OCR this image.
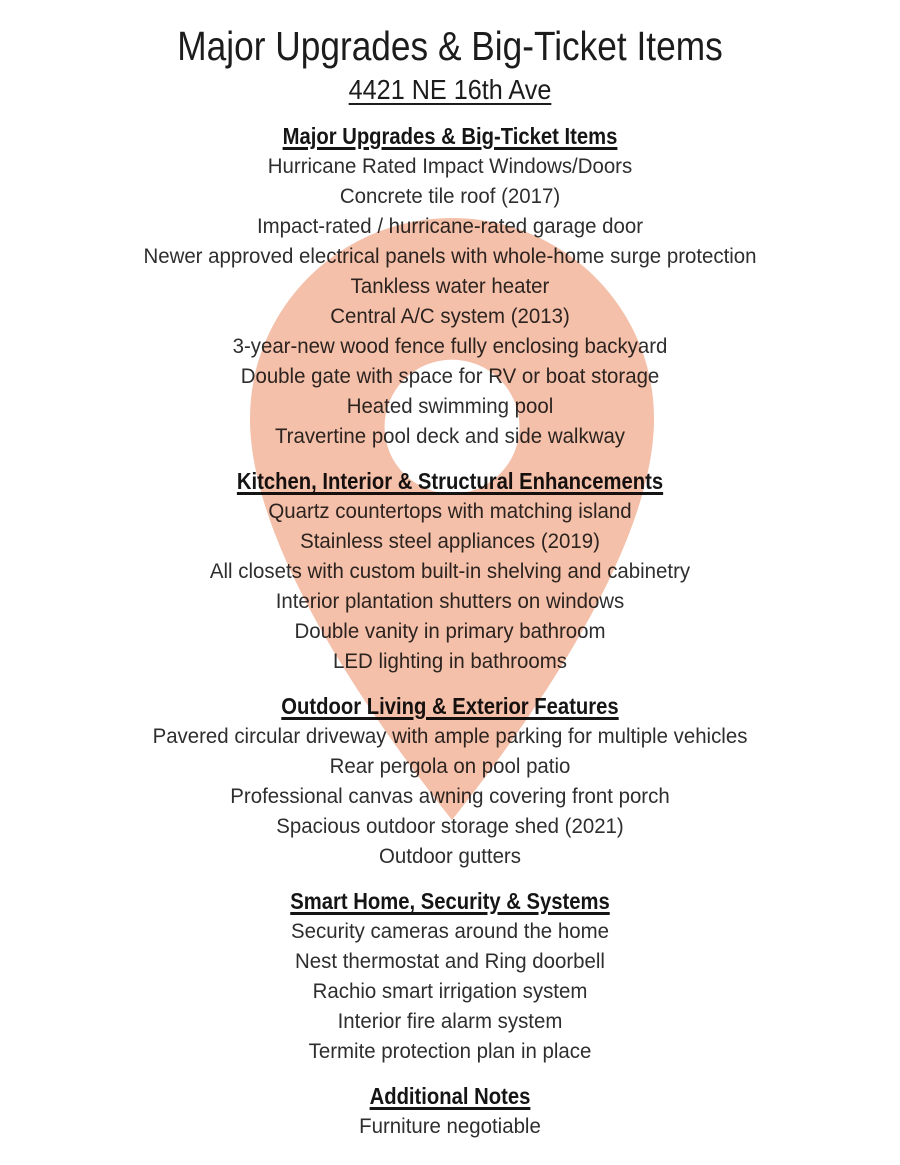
Major Upgrades & Big-Ticket Items
4421 NE 16th Ave
Major Upgrades & Big-Ticket Items
Hurricane Rated Impact Windows/Doors
Concrete tile roof (2017)
Impact-rated / hurricane-rated garage door
Newer approved electrical panels with whole-home surge protection
Tankless water heater
Central A/C system (2013)
3-year-new wood fence fully enclosing backyard
Double gate with space for RV or boat storage
Heated swimming pool
Travertine pool deck and side walkway
Kitchen, Interior & Structural Enhancements
Quartz countertops with matching island
Stainless steel appliances (2019)
All closets with custom built-in shelving and cabinetry
Interior plantation shutters on windows
Double vanity in primary bathroom
LED lighting in bathrooms
Outdoor Living & Exterior Features
Pavered circular driveway with ample parking for multiple vehicles
Rear pergola on pool patio
Professional canvas awning covering front porch
Spacious outdoor storage shed (2021)
Outdoor gutters
Smart Home, Security & Systems
Security cameras around the home
Nest thermostat and Ring doorbell
Rachio smart irrigation system
Interior fire alarm system
Termite protection plan in place
Additional Notes
Furniture negotiable
